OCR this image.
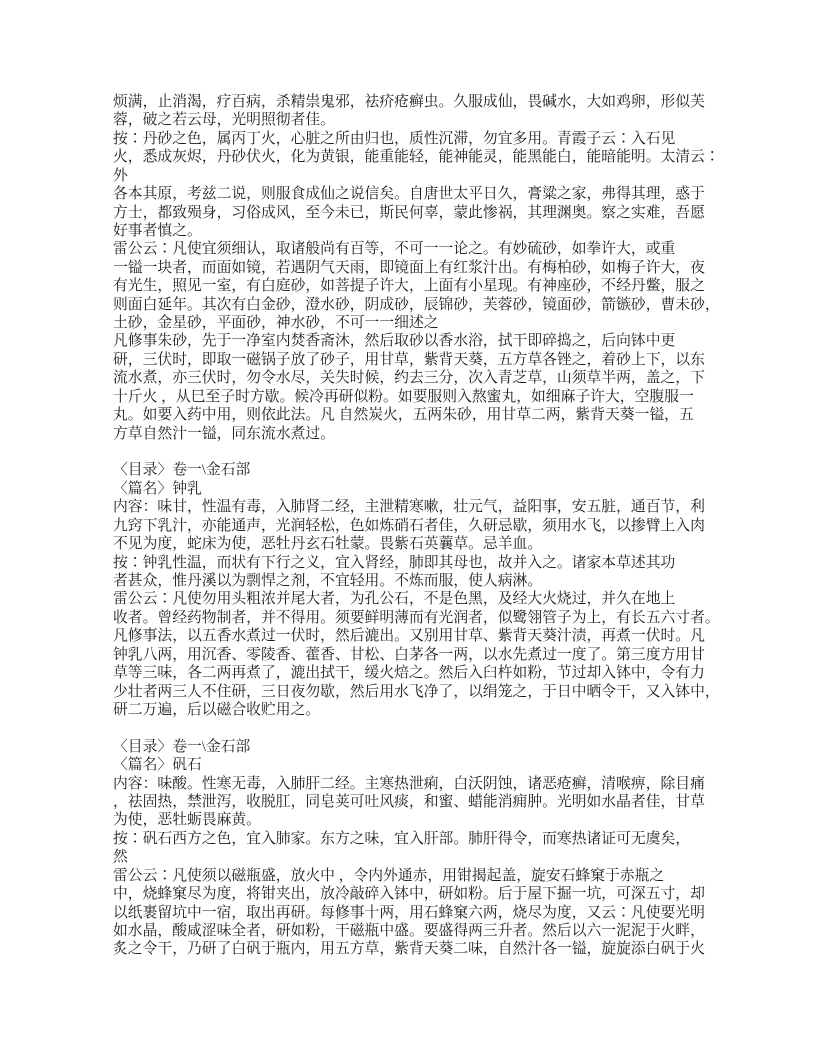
烦满，止消渴，疗百病，杀精祟鬼邪，祛疥疮癣虫。久服成仙，畏碱水，大如鸡卵，形似芙
蓉，破之若云母，光明照彻者佳。
按∶丹砂之色，属丙丁火，心脏之所由归也，质性沉滞，勿宜多用。青霞子云∶入石见
火，悉成灰烬，丹砂伏火，化为黄银，能重能轻，能神能灵，能黑能白，能暗能明。太清云∶
外
各本其原，考兹二说，则服食成仙之说信矣。自唐世太平日久，膏粱之家，弗得其理，惑于
方士，都致殒身，习俗成风，至今未已，斯民何辜，蒙此惨祸，其理渊奥。察之实难，吾愿
好事者慎之。
雷公云∶凡使宜须细认，取诸般尚有百等，不可一一论之。有妙硫砂，如拳许大，或重
一镒一块者，而面如镜，若遇阴气天雨，即镜面上有红浆汁出。有梅柏砂，如梅子许大，夜
有光生，照见一室，有白庭砂，如菩提子许大，上面有小星现。有神座砂，不经丹鳖，服之
则面白延年。其次有白金砂，澄水砂，阴成砂，辰锦砂，芙蓉砂，镜面砂，箭镞砂，曹未砂，
土砂，金星砂，平面砂，神水砂，不可一一细述之
凡修事朱砂，先于一净室内焚香斋沐，然后取砂以香水浴，拭干即碎捣之，后向钵中更
研，三伏时，即取一磁锅子放了砂子，用甘草，紫背天葵，五方草各锉之，着砂上下，以东
流水煮，亦三伏时，勿令水尽，关失时候，约去三分，次入青芝草，山须草半两，盖之，下
十斤火 ，从巳至子时方歇。候冷再研似粉。如要服则入熬蜜丸，如细麻子许大，空腹服一
丸。如要入药中用，则依此法。凡 自然炭火，五两朱砂，用甘草二两，紫背天葵一镒，五
方草自然汁一镒，同东流水煮过。
〈目录〉卷一\金石部
〈篇名〉钟乳
内容：味甘，性温有毒，入肺肾二经，主泄精寒嗽，壮元气，益阳事，安五脏，通百节，利
九窍下乳汁，亦能通声，光润轻松，色如炼硝石者佳，久研忌歇，须用水飞，以掺臂上入肉
不见为度，蛇床为使，恶牡丹玄石牡蒙。畏紫石英蘘草。忌羊血。
按∶钟乳性温，而状有下行之义，宜入肾经，肺即其母也，故并入之。诸家本草述其功
者甚众，惟丹溪以为剽悍之剂，不宜轻用。不炼而服，使人病淋。
雷公云∶凡使勿用头粗浓并尾大者，为孔公石，不是色黑，及经大火烧过，并久在地上
收者。曾经药物制者，并不得用。须要鲜明薄而有光润者，似鹭翎管子为上，有长五六寸者。
凡修事法，以五香水煮过一伏时，然后漉出。又别用甘草、紫背天葵汁渍，再煮一伏时。凡
钟乳八两，用沉香、零陵香、藿香、甘松、白茅各一两，以水先煮过一度了。第三度方用甘
草等三味，各二两再煮了，漉出拭干，缓火焙之。然后入臼杵如粉，节过却入钵中，令有力
少壮者两三人不住研，三日夜勿歇，然后用水飞净了，以绢笼之，于日中晒令干，又入钵中，
研二万遍，后以磁合收贮用之。
〈目录〉卷一\金石部
〈篇名〉矾石
内容：味酸。性寒无毒，入肺肝二经。主寒热泄痢，白沃阴蚀，诸恶疮癣，清喉痹，除目痛
，祛固热，禁泄泻，收脱肛，同皂荚可吐风痰，和蜜、蜡能消痈肿。光明如水晶者佳，甘草
为使，恶牡蛎畏麻黄。
按∶矾石西方之色，宜入肺家。东方之味，宜入肝部。肺肝得令，而寒热诸证可无虞矣，
然
雷公云∶凡使须以磁瓶盛，放火中 ，令内外通赤，用钳揭起盖，旋安石蜂窠于赤瓶之
中，烧蜂窠尽为度，将钳夹出，放冷敲碎入钵中，研如粉。后于屋下掘一坑，可深五寸，却
以纸裹留坑中一宿，取出再研。每修事十两，用石蜂窠六两，烧尽为度，又云∶凡使要光明
如水晶，酸咸涩味全者，研如粉，干磁瓶中盛。要盛得两三升者。然后以六一泥泥于火畔，
炙之令干，乃研了白矾于瓶内，用五方草，紫背天葵二味，自然汁各一镒，旋旋添白矾于火
